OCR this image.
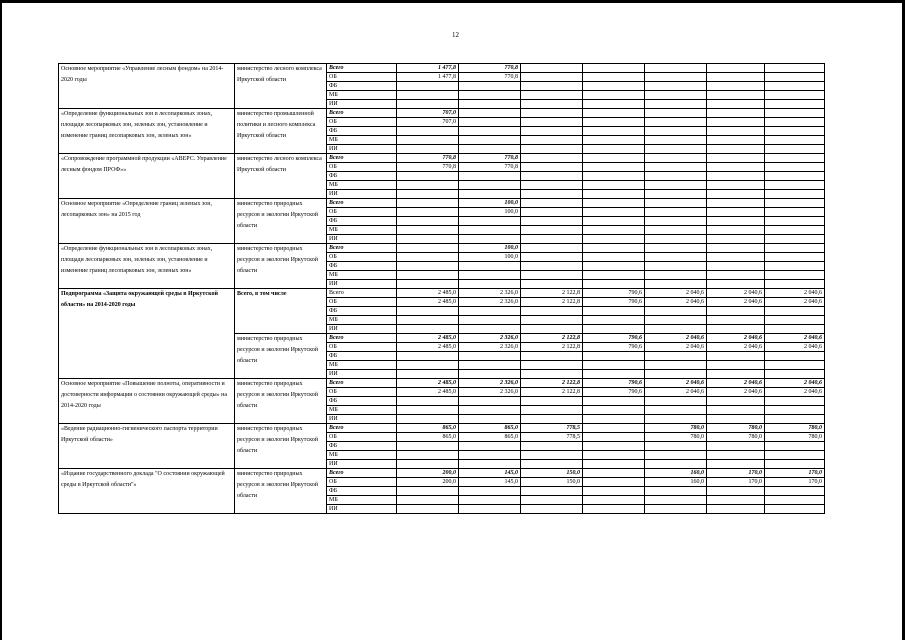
12
Основное мероприятие «Управление лесным фондом» на 2014-2020 годы	министерство лесного комплекса Иркутской области	Всего	1 477,8	770,8					
		ОБ	1 477,8	770,8					
		ФБ							
		МБ							
		ИИ							
«Определение функциональных зон в лесопарковых зонах, площади лесопарковых зон, зеленых зон, установление и изменение границ лесопарковых зон, зеленых зон»	министерство промышленной политики и лесного комплекса Иркутской области	Всего	707,0						
		ОБ	707,0						
		ФБ							
		МБ							
		ИИ							
«Сопровождение программной продукции «АВЕРС. Управление лесным фондом ПРОФ»»	министерство лесного комплекса Иркутской области	Всего	770,8	770,8					
		ОБ	770,8	770,8					
		ФБ							
		МБ							
		ИИ							
Основное мероприятие «Определение границ зеленых зон, лесопарковых зон» на 2015 год	министерство природных ресурсов и экологии Иркутской области	Всего		100,0					
		ОБ		100,0					
		ФБ							
		МБ							
		ИИ							
«Определение функциональных зон в лесопарковых зонах, площади лесопарковых зон, зеленых зон, установление и изменение границ лесопарковых зон, зеленых зон»	министерство природных ресурсов и экологии Иркутской области	Всего		100,0					
		ОБ		100,0					
		ФБ							
		МБ							
		ИИ							
Подпрограмма «Защита окружающей среды в Иркутской области» на 2014-2020 годы	Всего, в том числе	Всего	2 485,0	2 326,0	2 122,8	790,6	2 040,6	2 040,6	2 040,6
		ОБ	2 485,0	2 326,0	2 122,8	790,6	2 040,6	2 040,6	2 040,6
		ФБ							
		МБ							
		ИИ							
	министерство природных ресурсов и экологии Иркутской области	Всего	2 485,0	2 326,0	2 122,8	790,6	2 040,6	2 040,6	2 040,6
		ОБ	2 485,0	2 326,0	2 122,8	790,6	2 040,6	2 040,6	2 040,6
		ФБ							
		МБ							
		ИИ							
Основное мероприятие «Повышение полноты, оперативности и достоверности информации о состоянии окружающей среды» на 2014-2020 годы	министерство природных ресурсов и экологии Иркутской области	Всего	2 485,0	2 326,0	2 122,8	790,6	2 040,6	2 040,6	2 040,6
		ОБ	2 485,0	2 326,0	2 122,8	790,6	2 040,6	2 040,6	2 040,6
		ФБ							
		МБ							
		ИИ							
«Ведение радиационно-гигиенического паспорта территории Иркутской области»	министерство природных ресурсов и экологии Иркутской области	Всего	865,0	865,0	778,5		780,0	780,0	780,0
		ОБ	865,0	865,0	778,5		780,0	780,0	780,0
		ФБ							
		МБ							
		ИИ							
«Издание государственного доклада "О состоянии окружающей среды в Иркутской области"»	министерство природных ресурсов и экологии Иркутской области	Всего	200,0	145,0	150,0		160,0	170,0	170,0
		ОБ	200,0	145,0	150,0		160,0	170,0	170,0
		ФБ							
		МБ							
		ИИ							
